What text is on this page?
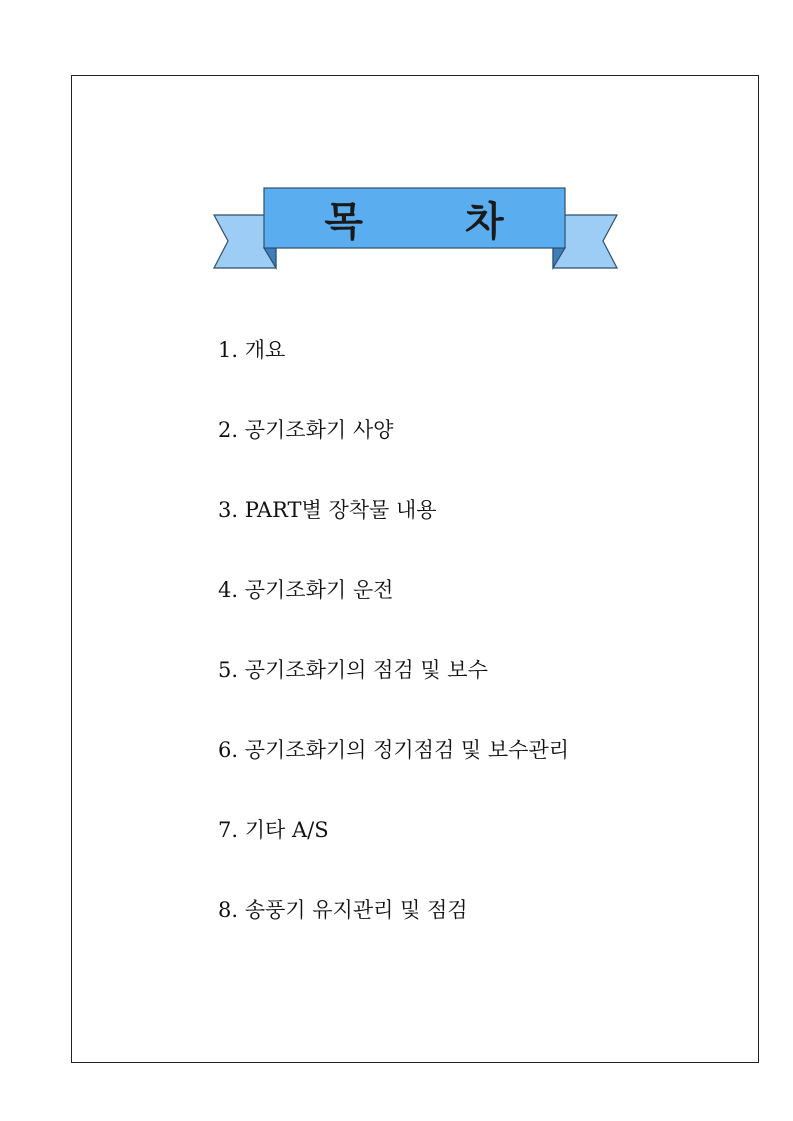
목	차
1. 개요
2. 공기조화기 사양
3. PART별 장착물 내용
4. 공기조화기 운전
5. 공기조화기의 점검 및 보수
6. 공기조화기의 정기점검 및 보수관리
7. 기타 A/S
8. 송풍기 유지관리 및 점검
